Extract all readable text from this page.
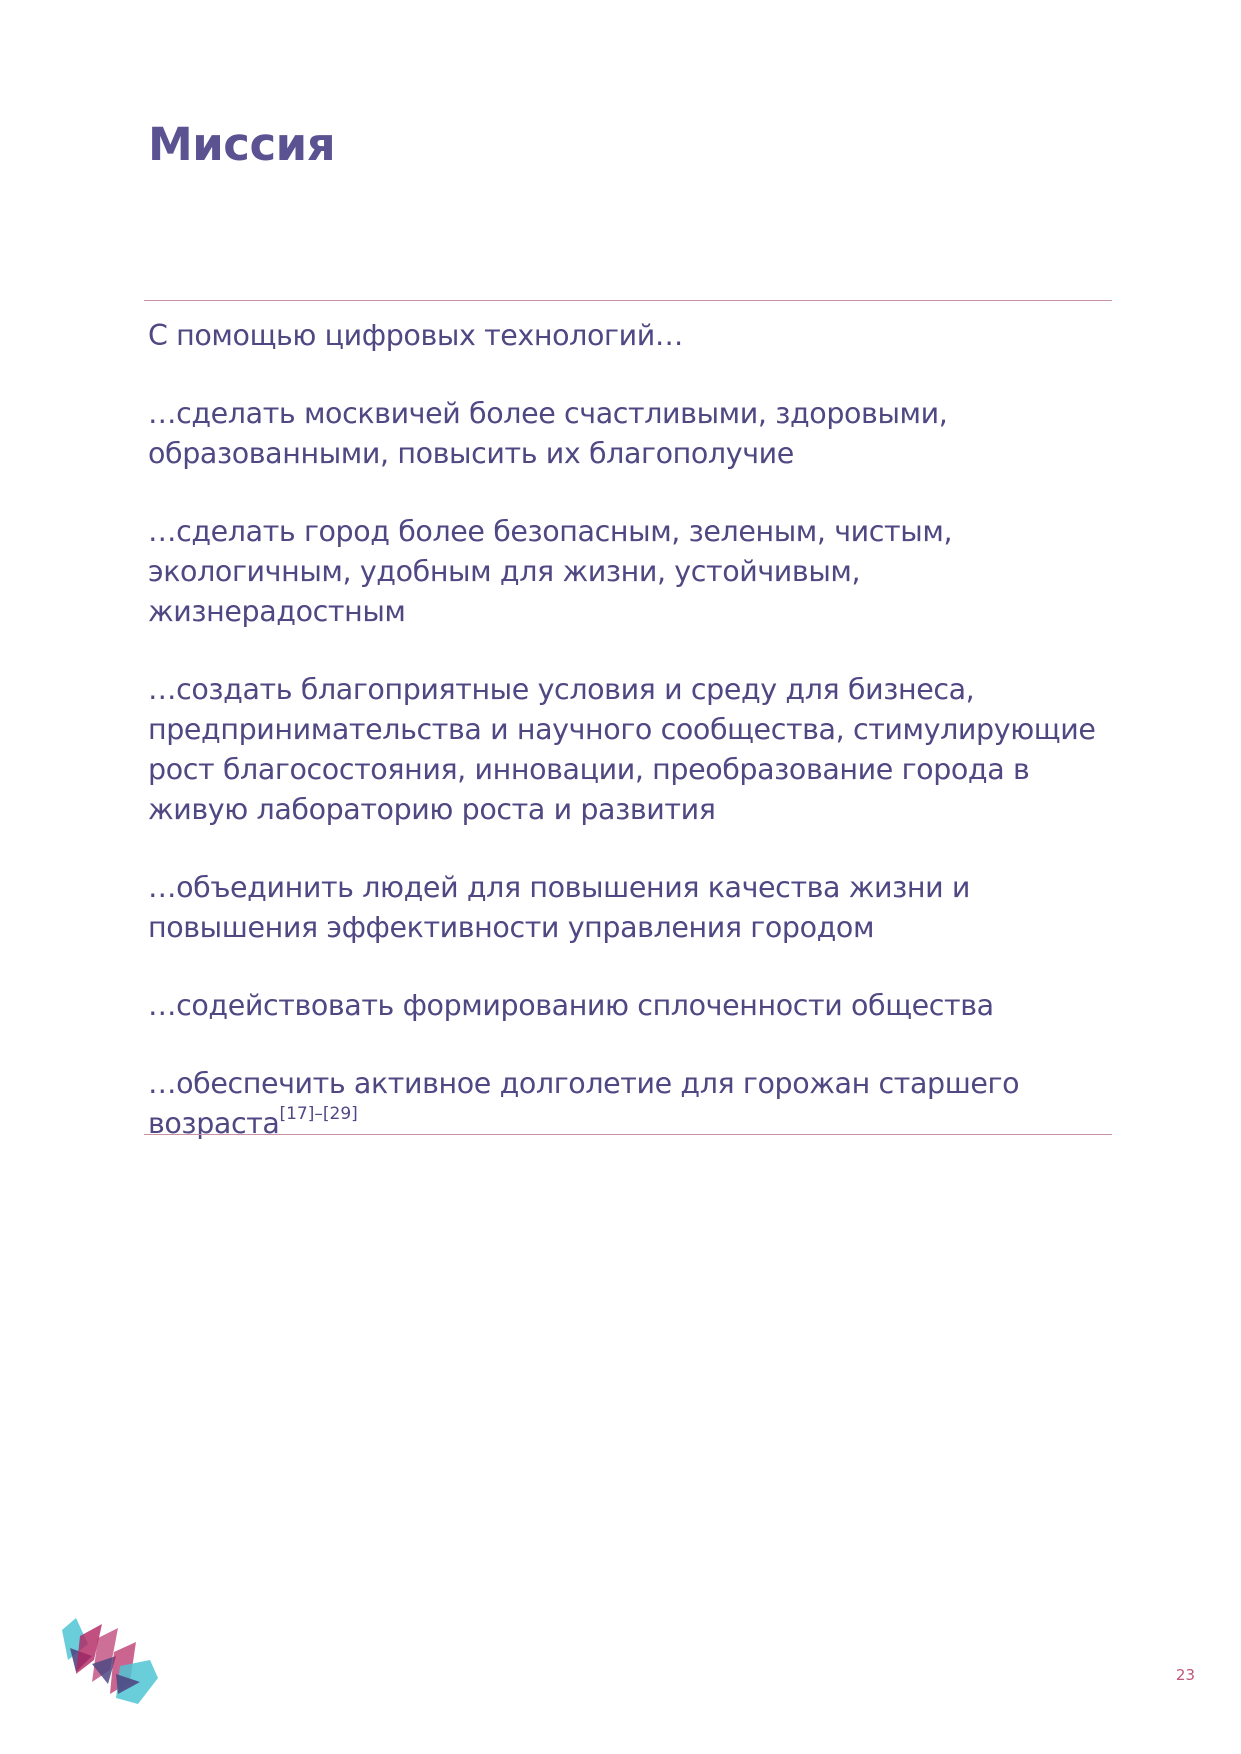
Миссия

С помощью цифровых технологий…

…сделать москвичей более счастливыми, здоровыми, образованными, повысить их благополучие

…сделать город более безопасным, зеленым, чистым, экологичным, удобным для жизни, устойчивым, жизнерадостным

…создать благоприятные условия и среду для бизнеса, предпринимательства и научного сообщества, стимулирующие рост благосостояния, инновации, преобразование города в живую лабораторию роста и развития

…объединить людей для повышения качества жизни и повышения эффективности управления городом

…содействовать формированию сплоченности общества

…обеспечить активное долголетие для горожан старшего возраста[17]–[29]

23
